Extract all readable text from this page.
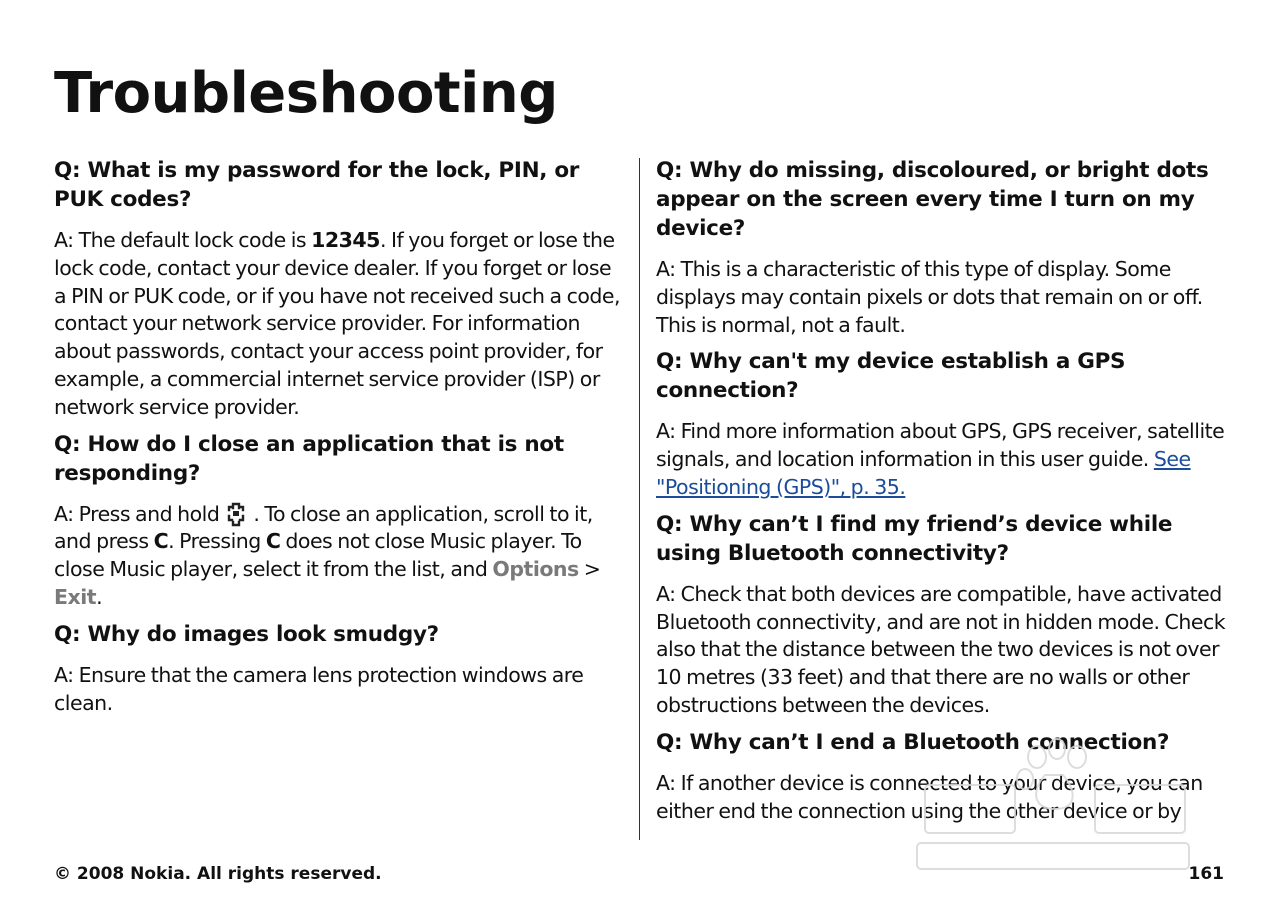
Troubleshooting

Q: What is my password for the lock, PIN, or PUK codes?

A: The default lock code is 12345. If you forget or lose the lock code, contact your device dealer. If you forget or lose a PIN or PUK code, or if you have not received such a code, contact your network service provider. For information about passwords, contact your access point provider, for example, a commercial internet service provider (ISP) or network service provider.

Q: How do I close an application that is not responding?

A: Press and hold . To close an application, scroll to it, and press C. Pressing C does not close Music player. To close Music player, select it from the list, and Options > Exit.

Q: Why do images look smudgy?

A: Ensure that the camera lens protection windows are clean.

Q: Why do missing, discoloured, or bright dots appear on the screen every time I turn on my device?

A: This is a characteristic of this type of display. Some displays may contain pixels or dots that remain on or off. This is normal, not a fault.

Q: Why can't my device establish a GPS connection?

A: Find more information about GPS, GPS receiver, satellite signals, and location information in this user guide. See "Positioning (GPS)", p. 35.

Q: Why can’t I find my friend’s device while using Bluetooth connectivity?

A: Check that both devices are compatible, have activated Bluetooth connectivity, and are not in hidden mode. Check also that the distance between the two devices is not over 10 metres (33 feet) and that there are no walls or other obstructions between the devices.

Q: Why can’t I end a Bluetooth connection?

A: If another device is connected to your device, you can either end the connection using the other device or by

© 2008 Nokia. All rights reserved.	161
